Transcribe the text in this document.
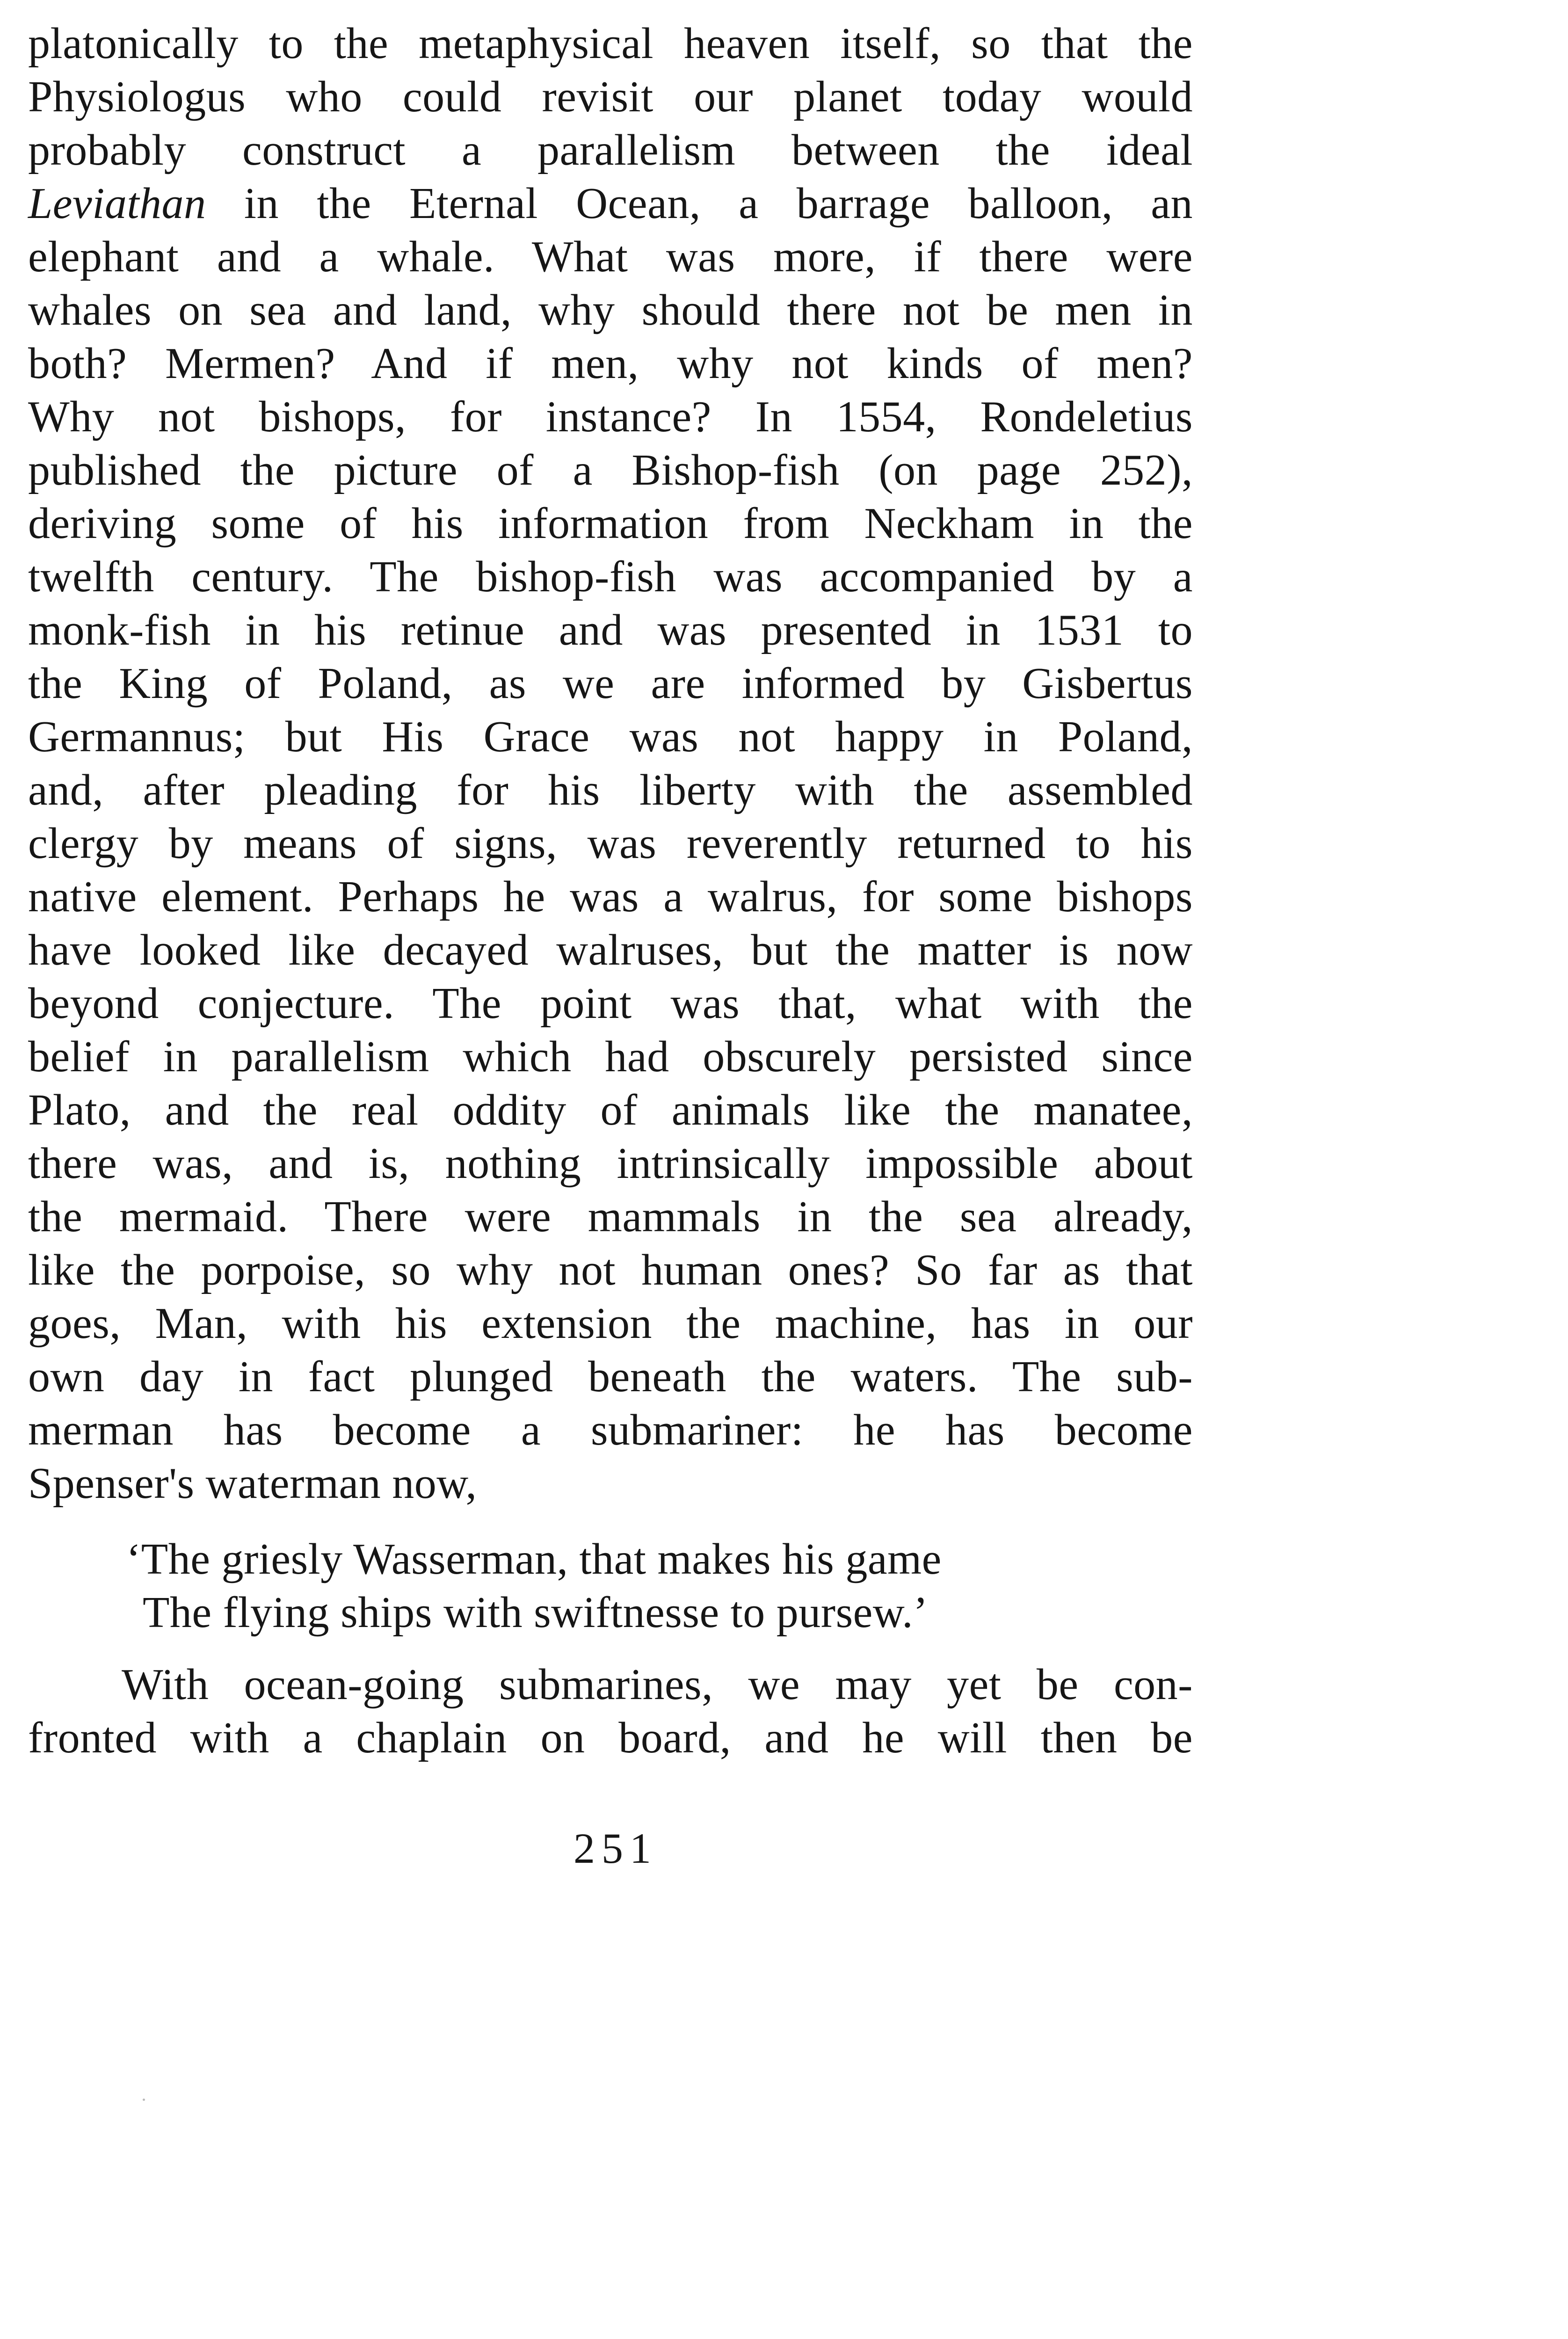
platonically to the metaphysical heaven itself, so that the
Physiologus who could revisit our planet today would
probably construct a parallelism between the ideal
Leviathan in the Eternal Ocean, a barrage balloon, an
elephant and a whale. What was more, if there were
whales on sea and land, why should there not be men in
both? Mermen? And if men, why not kinds of men?
Why not bishops, for instance? In 1554, Rondeletius
published the picture of a Bishop-fish (on page 252),
deriving some of his information from Neckham in the
twelfth century. The bishop-fish was accompanied by a
monk-fish in his retinue and was presented in 1531 to
the King of Poland, as we are informed by Gisbertus
Germannus; but His Grace was not happy in Poland,
and, after pleading for his liberty with the assembled
clergy by means of signs, was reverently returned to his
native element. Perhaps he was a walrus, for some bishops
have looked like decayed walruses, but the matter is now
beyond conjecture. The point was that, what with the
belief in parallelism which had obscurely persisted since
Plato, and the real oddity of animals like the manatee,
there was, and is, nothing intrinsically impossible about
the mermaid. There were mammals in the sea already,
like the porpoise, so why not human ones? So far as that
goes, Man, with his extension the machine, has in our
own day in fact plunged beneath the waters. The sub-
merman has become a submariner: he has become
Spenser's waterman now,
‘The griesly Wasserman, that makes his game
The flying ships with swiftnesse to pursew.’
With ocean-going submarines, we may yet be con-
fronted with a chaplain on board, and he will then be
251
